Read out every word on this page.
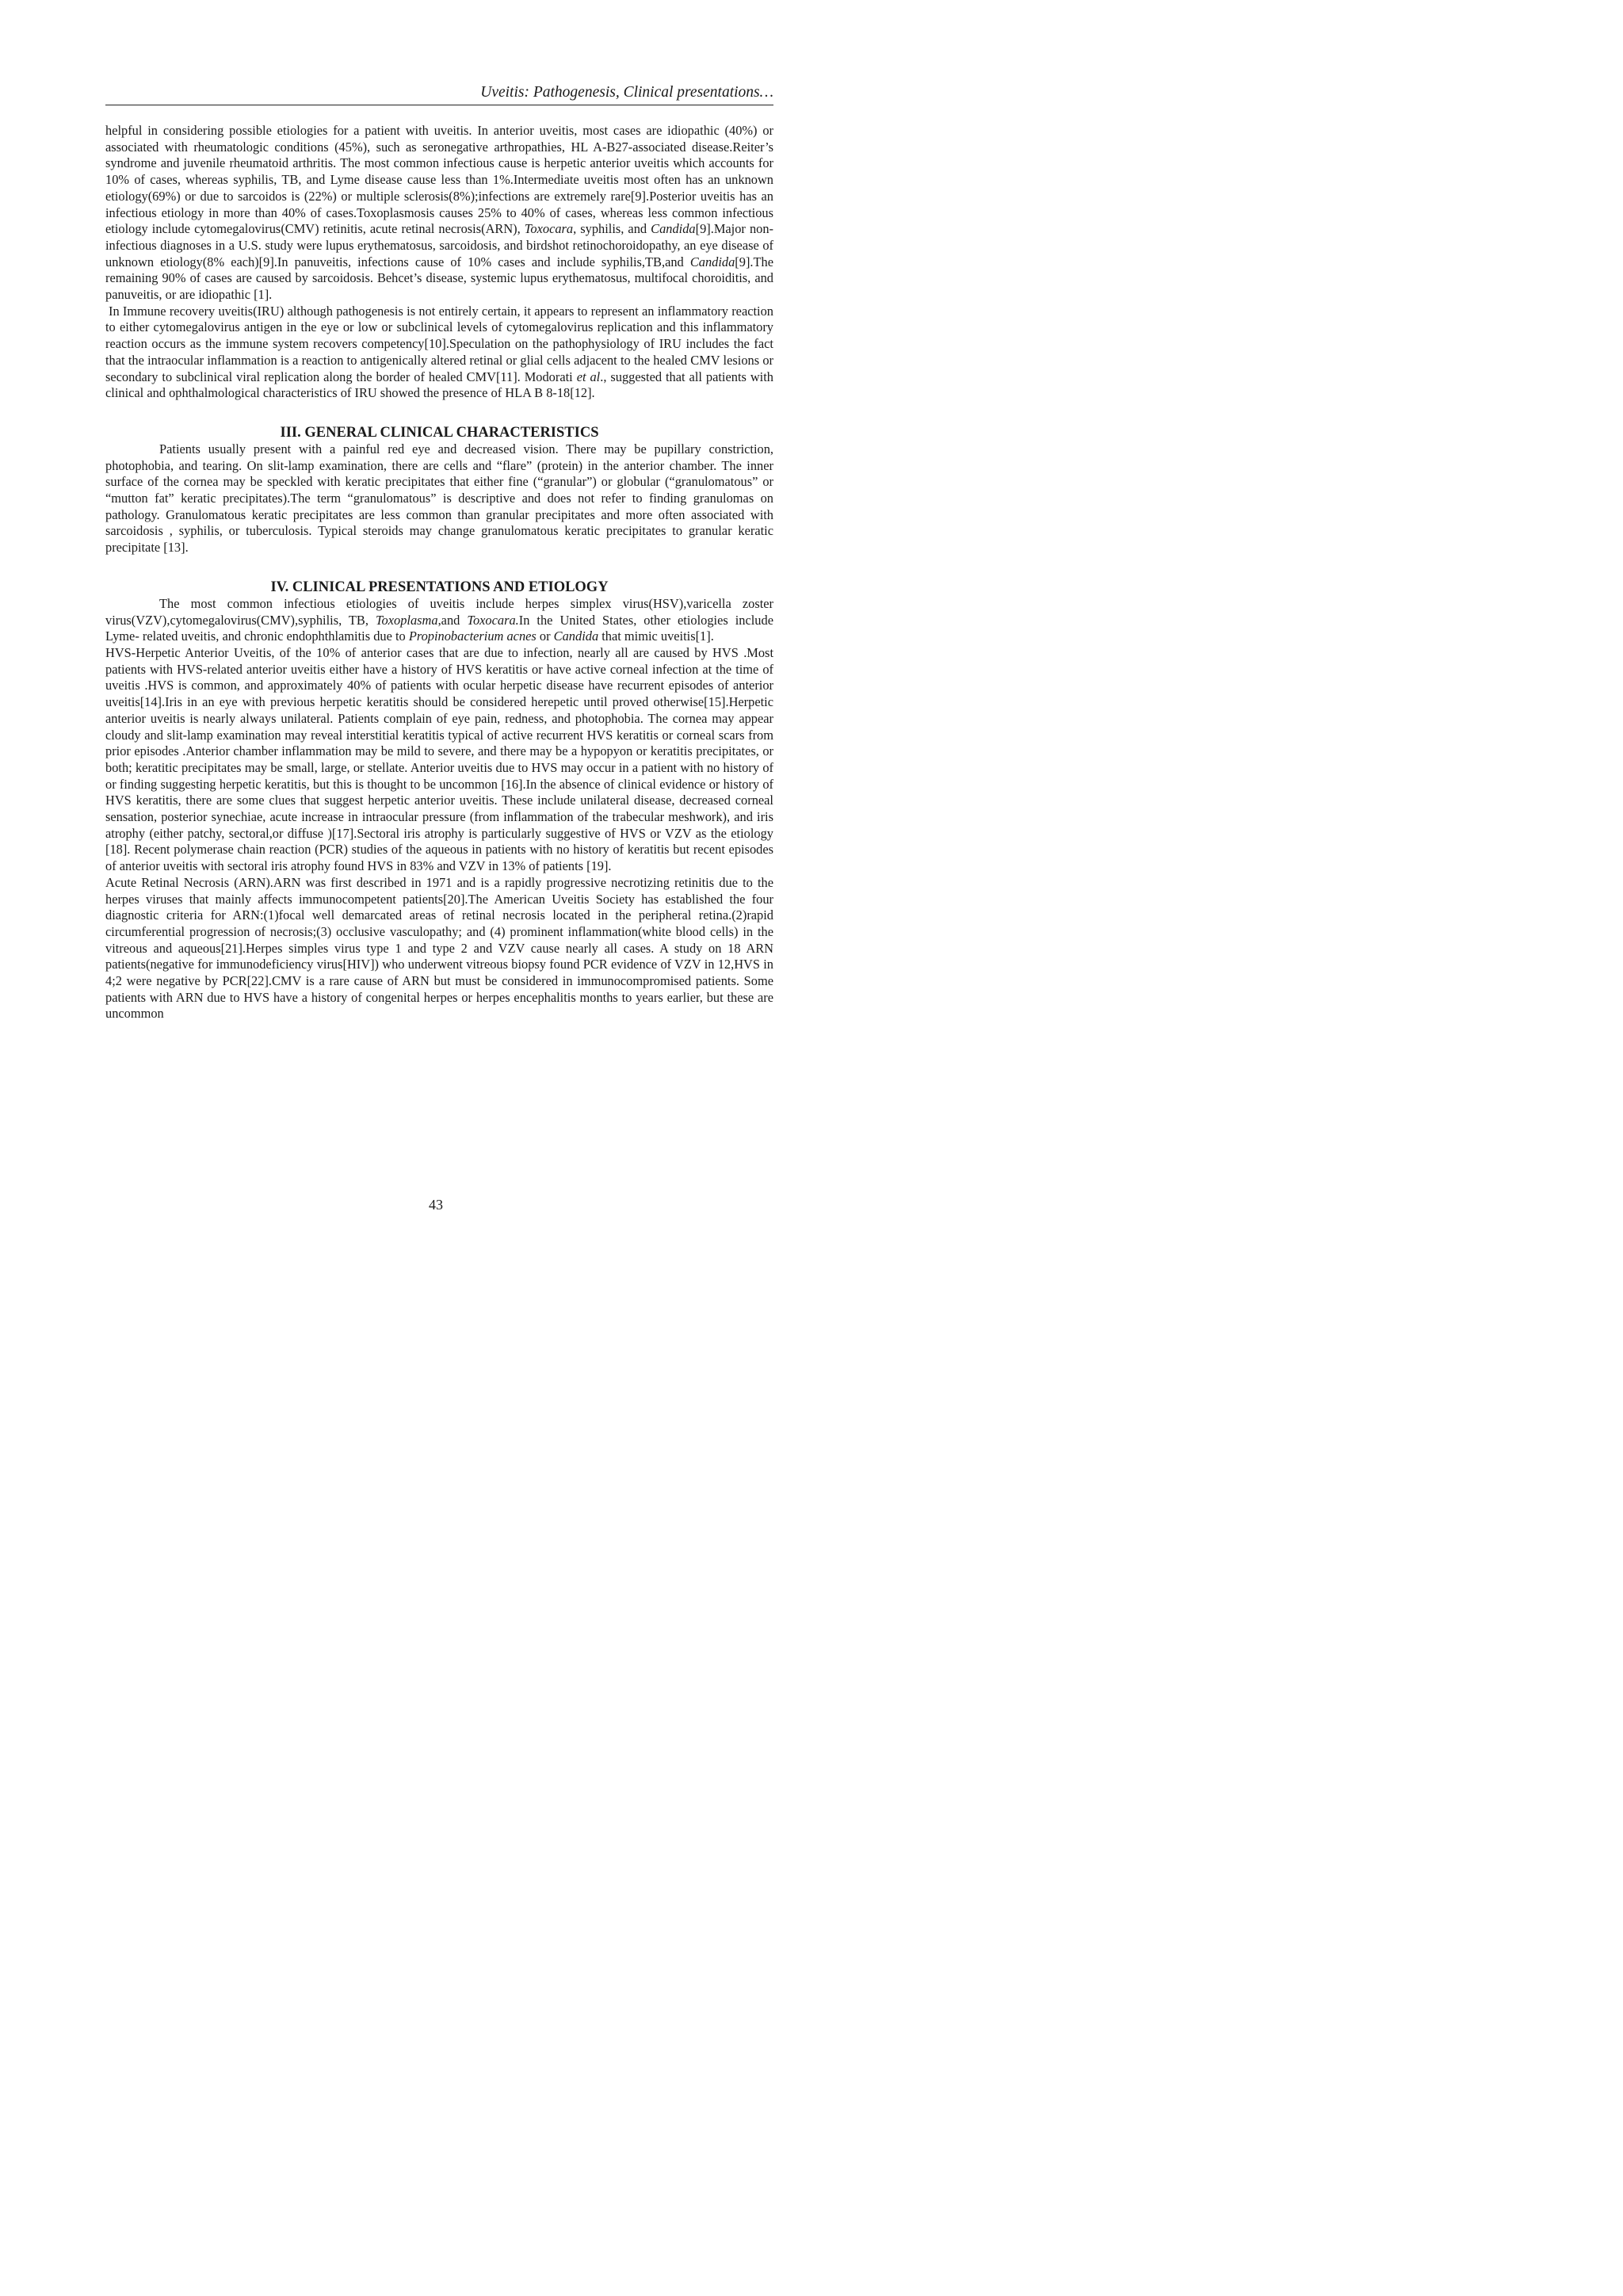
Uveitis: Pathogenesis, Clinical presentations…

helpful in considering possible etiologies for a patient with uveitis. In anterior uveitis, most cases are idiopathic (40%) or associated with rheumatologic conditions (45%), such as seronegative arthropathies, HL A-B27-associated disease.Reiter’s syndrome and juvenile rheumatoid arthritis. The most common infectious cause is herpetic anterior uveitis which accounts for 10% of cases, whereas syphilis, TB, and Lyme disease cause less than 1%.Intermediate uveitis most often has an unknown etiology(69%) or due to sarcoidos is (22%) or multiple sclerosis(8%);infections are extremely rare[9].Posterior uveitis has an infectious etiology in more than 40% of cases.Toxoplasmosis causes 25% to 40% of cases, whereas less common infectious etiology include cytomegalovirus(CMV) retinitis, acute retinal necrosis(ARN), Toxocara, syphilis, and Candida[9].Major non-infectious diagnoses in a U.S. study were lupus erythematosus, sarcoidosis, and birdshot retinochoroidopathy, an eye disease of unknown etiology(8% each)[9].In panuveitis, infections cause of 10% cases and include syphilis,TB,and Candida[9].The remaining 90% of cases are caused by sarcoidosis. Behcet’s disease, systemic lupus erythematosus, multifocal choroiditis, and panuveitis, or are idiopathic [1].

In Immune recovery uveitis(IRU) although pathogenesis is not entirely certain, it appears to represent an inflammatory reaction to either cytomegalovirus antigen in the eye or low or subclinical levels of cytomegalovirus replication and this inflammatory reaction occurs as the immune system recovers competency[10].Speculation on the pathophysiology of IRU includes the fact that the intraocular inflammation is a reaction to antigenically altered retinal or glial cells adjacent to the healed CMV lesions or secondary to subclinical viral replication along the border of healed CMV[11]. Modorati et al., suggested that all patients with clinical and ophthalmological characteristics of IRU showed the presence of HLA B 8-18[12].

III. GENERAL CLINICAL CHARACTERISTICS

Patients usually present with a painful red eye and decreased vision. There may be pupillary constriction, photophobia, and tearing. On slit-lamp examination, there are cells and “flare” (protein) in the anterior chamber. The inner surface of the cornea may be speckled with keratic precipitates that either fine (“granular”) or globular (“granulomatous” or “mutton fat” keratic precipitates).The term “granulomatous” is descriptive and does not refer to finding granulomas on pathology. Granulomatous keratic precipitates are less common than granular precipitates and more often associated with sarcoidosis , syphilis, or tuberculosis. Typical steroids may change granulomatous keratic precipitates to granular keratic precipitate [13].

IV. CLINICAL PRESENTATIONS AND ETIOLOGY

The most common infectious etiologies of uveitis include herpes simplex virus(HSV),varicella zoster virus(VZV),cytomegalovirus(CMV),syphilis, TB, Toxoplasma,and Toxocara.In the United States, other etiologies include Lyme- related uveitis, and chronic endophthlamitis due to Propinobacterium acnes or Candida that mimic uveitis[1].

HVS-Herpetic Anterior Uveitis, of the 10% of anterior cases that are due to infection, nearly all are caused by HVS .Most patients with HVS-related anterior uveitis either have a history of HVS keratitis or have active corneal infection at the time of uveitis .HVS is common, and approximately 40% of patients with ocular herpetic disease have recurrent episodes of anterior uveitis[14].Iris in an eye with previous herpetic keratitis should be considered herepetic until proved otherwise[15].Herpetic anterior uveitis is nearly always unilateral. Patients complain of eye pain, redness, and photophobia. The cornea may appear cloudy and slit-lamp examination may reveal interstitial keratitis typical of active recurrent HVS keratitis or corneal scars from prior episodes .Anterior chamber inflammation may be mild to severe, and there may be a hypopyon or keratitis precipitates, or both; keratitic precipitates may be small, large, or stellate. Anterior uveitis due to HVS may occur in a patient with no history of or finding suggesting herpetic keratitis, but this is thought to be uncommon [16].In the absence of clinical evidence or history of HVS keratitis, there are some clues that suggest herpetic anterior uveitis. These include unilateral disease, decreased corneal sensation, posterior synechiae, acute increase in intraocular pressure (from inflammation of the trabecular meshwork), and iris atrophy (either patchy, sectoral,or diffuse )[17].Sectoral iris atrophy is particularly suggestive of HVS or VZV as the etiology [18]. Recent polymerase chain reaction (PCR) studies of the aqueous in patients with no history of keratitis but recent episodes of anterior uveitis with sectoral iris atrophy found HVS in 83% and VZV in 13% of patients [19].

Acute Retinal Necrosis (ARN).ARN was first described in 1971 and is a rapidly progressive necrotizing retinitis due to the herpes viruses that mainly affects immunocompetent patients[20].The American Uveitis Society has established the four diagnostic criteria for ARN:(1)focal well demarcated areas of retinal necrosis located in the peripheral retina.(2)rapid circumferential progression of necrosis;(3) occlusive vasculopathy; and (4) prominent inflammation(white blood cells) in the vitreous and aqueous[21].Herpes simples virus type 1 and type 2 and VZV cause nearly all cases. A study on 18 ARN patients(negative for immunodeficiency virus[HIV]) who underwent vitreous biopsy found PCR evidence of VZV in 12,HVS in 4;2 were negative by PCR[22].CMV is a rare cause of ARN but must be considered in immunocompromised patients. Some patients with ARN due to HVS have a history of congenital herpes or herpes encephalitis months to years earlier, but these are uncommon

43
